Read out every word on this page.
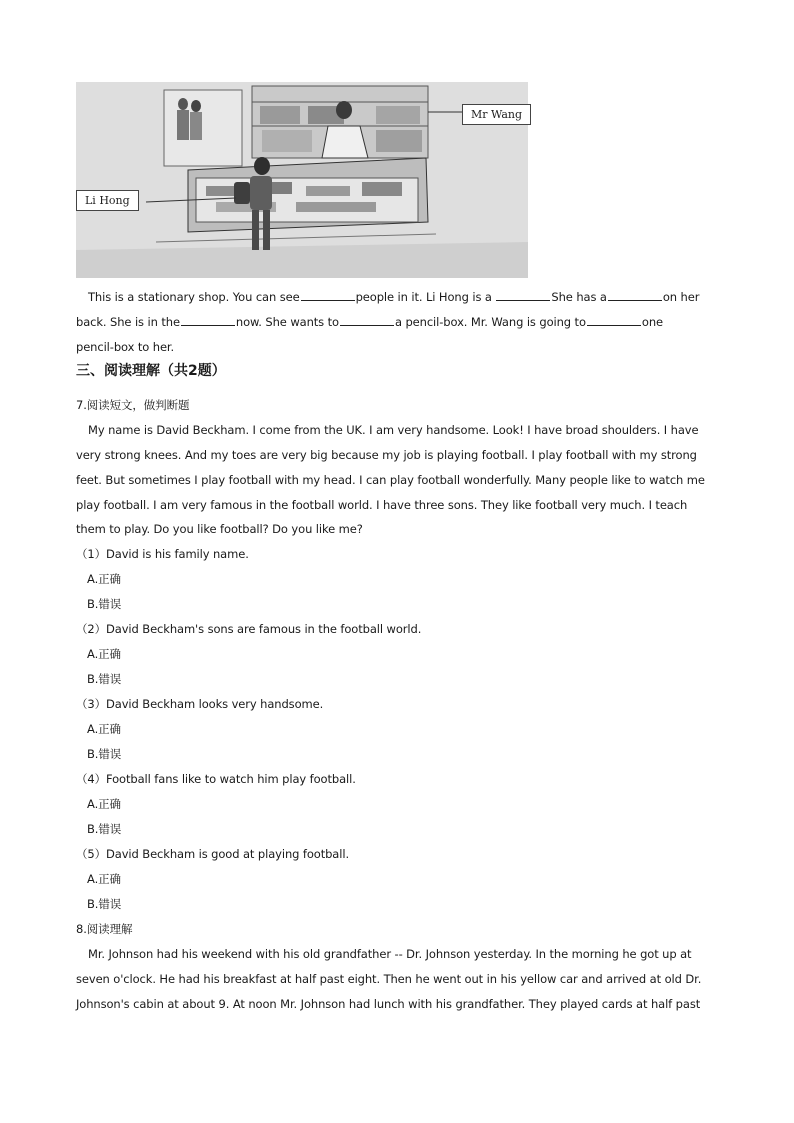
Mr Wang
Li Hong
This is a stationary shop. You can see	people in it. Li Hong is a	She has a	on her
back. She is in the	now. She wants to	a pencil-box. Mr. Wang is going to	one
pencil-box to her.
三、阅读理解（共2题）
7.阅读短文，做判断题
My name is David Beckham. I come from the UK. I am very handsome. Look! I have broad shoulders. I have
very strong knees. And my toes are very big because my job is playing football. I play football with my strong
feet. But sometimes I play football with my head. I can play football wonderfully. Many people like to watch me
play football. I am very famous in the football world. I have three sons. They like football very much. I teach
them to play. Do you like football? Do you like me?
（1）David is his family name.
A.正确
B.错误
（2）David Beckham's sons are famous in the football world.
A.正确
B.错误
（3）David Beckham looks very handsome.
A.正确
B.错误
（4）Football fans like to watch him play football.
A.正确
B.错误
（5）David Beckham is good at playing football.
A.正确
B.错误
8.阅读理解
Mr. Johnson had his weekend with his old grandfather -- Dr. Johnson yesterday. In the morning he got up at
seven o'clock. He had his breakfast at half past eight. Then he went out in his yellow car and arrived at old Dr.
Johnson's cabin at about 9. At noon Mr. Johnson had lunch with his grandfather. They played cards at half past
